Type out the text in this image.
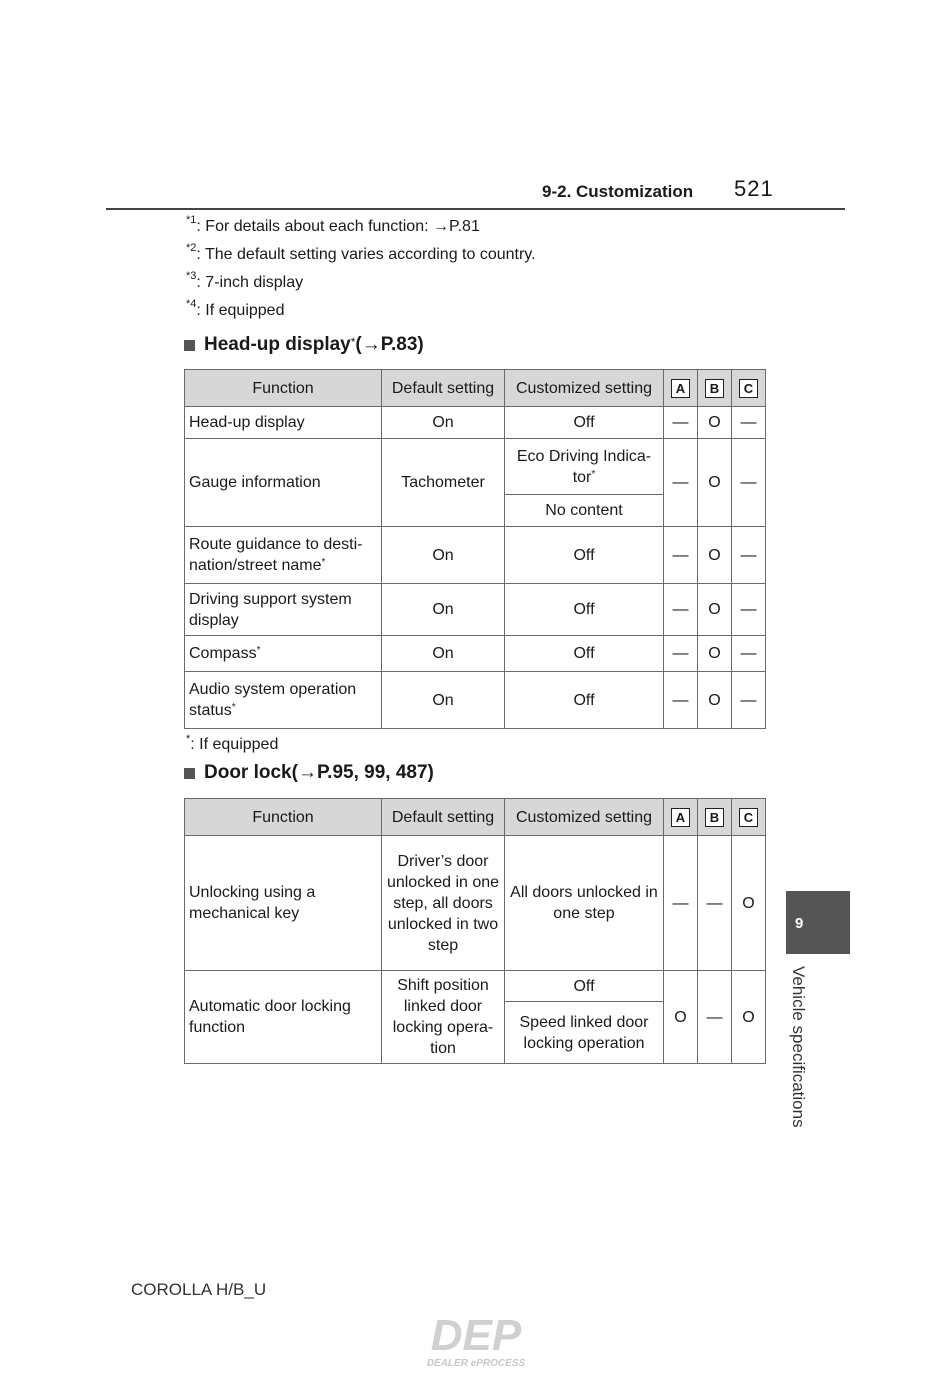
9-2. Customization 521
$^{*1}$: For details about each function: →P.81
$^{*2}$: The default setting varies according to country.
$^{*3}$: 7-inch display
$^{*4}$: If equipped
Head-up display* (→P.83)
Function	Default setting	Customized setting	A	B	C
Head-up display	On	Off	—	O	—
Gauge information	Tachometer	Eco Driving Indica-tor*	—	O	—
		No content			
Route guidance to desti-nation/street name*	On	Off	—	O	—
Driving support system display	On	Off	—	O	—
Compass*	On	Off	—	O	—
Audio system operation status*	On	Off	—	O	—
*: If equipped
Door lock (→P.95, 99, 487)
Function	Default setting	Customized setting	A	B	C
Unlocking using a mechanical key	Driver’s door unlocked in one step, all doors unlocked in two step	All doors unlocked in one step	—	—	O
Automatic door locking function	Shift position linked door locking opera-tion	Off	O	—	O
		Speed linked door locking operation			
9
Vehicle specifications
COROLLA H/B_U
DEP
DEALER ePROCESS
